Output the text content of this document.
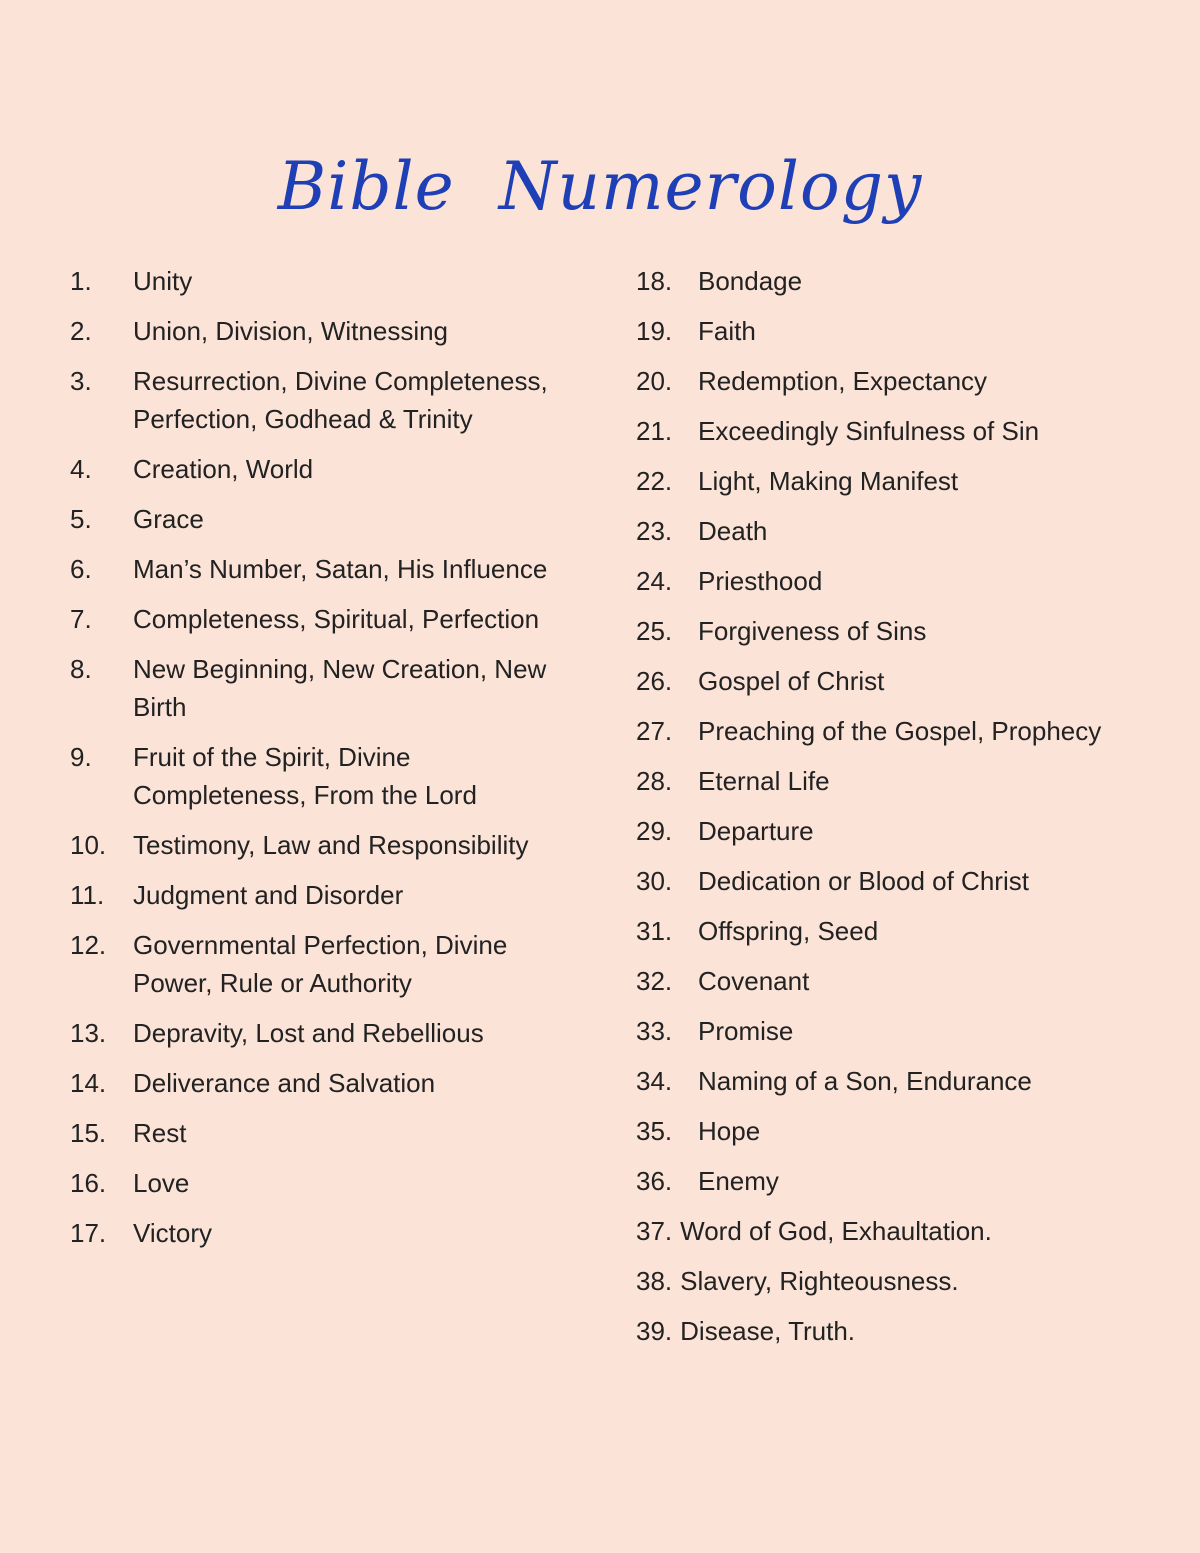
Bible Numerology
1.	Unity
2.	Union, Division, Witnessing
3.	Resurrection, Divine Completeness, Perfection, Godhead & Trinity
4.	Creation, World
5.	Grace
6.	Man’s Number, Satan, His Influence
7.	Completeness, Spiritual, Perfection
8.	New Beginning, New Creation, New Birth
9.	Fruit of the Spirit, Divine Completeness, From the Lord
10.	Testimony, Law and Responsibility
11.	Judgment and Disorder
12.	Governmental Perfection, Divine Power, Rule or Authority
13.	Depravity, Lost and Rebellious
14.	Deliverance and Salvation
15.	Rest
16.	Love
17.	Victory
18. Bondage
19. Faith
20. Redemption, Expectancy
21. Exceedingly Sinfulness of Sin
22. Light, Making Manifest
23. Death
24. Priesthood
25. Forgiveness of Sins
26. Gospel of Christ
27. Preaching of the Gospel, Prophecy
28. Eternal Life
29. Departure
30. Dedication or Blood of Christ
31. Offspring, Seed
32. Covenant
33. Promise
34. Naming of a Son, Endurance
35. Hope
36. Enemy
37. Word of God, Exhaultation.
38. Slavery, Righteousness.
39. Disease, Truth.
